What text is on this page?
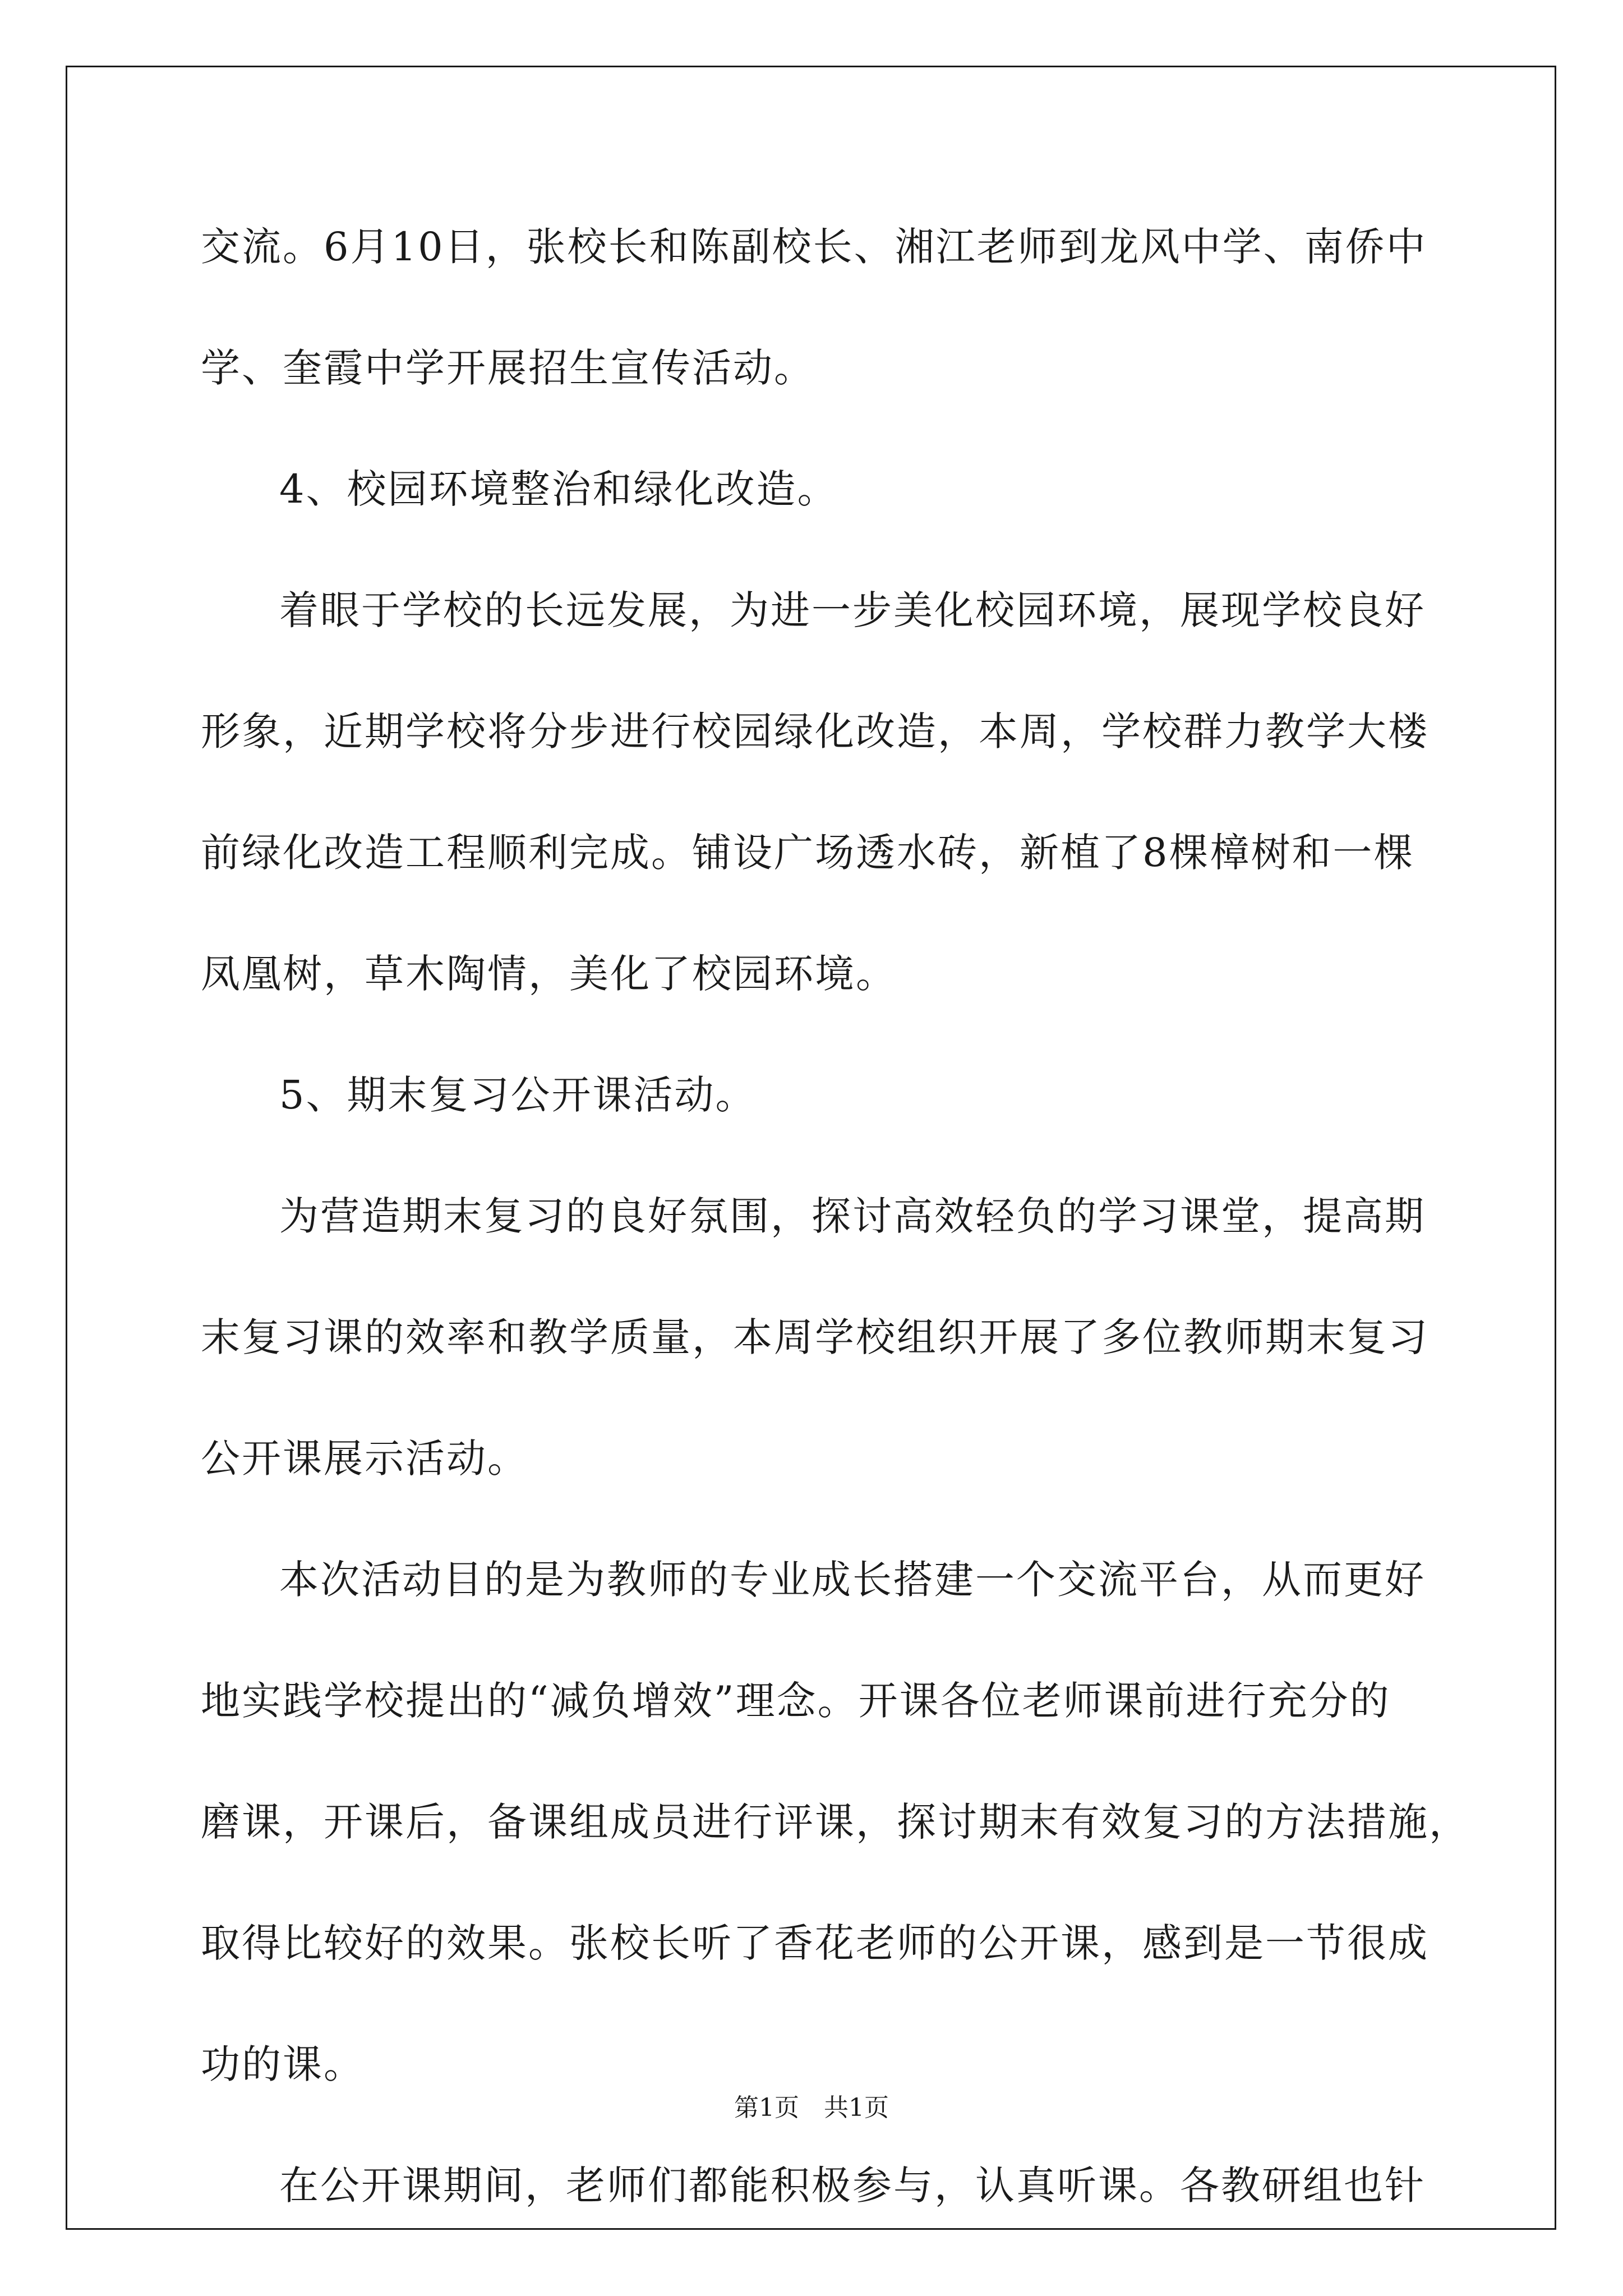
交流。6月10日，张校长和陈副校长、湘江老师到龙风中学、南侨中
学、奎霞中学开展招生宣传活动。
4、校园环境整治和绿化改造。
着眼于学校的长远发展，为进一步美化校园环境，展现学校良好
形象，近期学校将分步进行校园绿化改造，本周，学校群力教学大楼
前绿化改造工程顺利完成。铺设广场透水砖，新植了8棵樟树和一棵
凤凰树，草木陶情，美化了校园环境。
5、期末复习公开课活动。
为营造期末复习的良好氛围，探讨高效轻负的学习课堂，提高期
末复习课的效率和教学质量，本周学校组织开展了多位教师期末复习
公开课展示活动。
本次活动目的是为教师的专业成长搭建一个交流平台，从而更好
地实践学校提出的“减负增效”理念。开课各位老师课前进行充分的
磨课，开课后，备课组成员进行评课，探讨期末有效复习的方法措施，
取得比较好的效果。张校长听了香花老师的公开课，感到是一节很成
功的课。
在公开课期间，老师们都能积极参与，认真听课。各教研组也针
第1页 共1页
